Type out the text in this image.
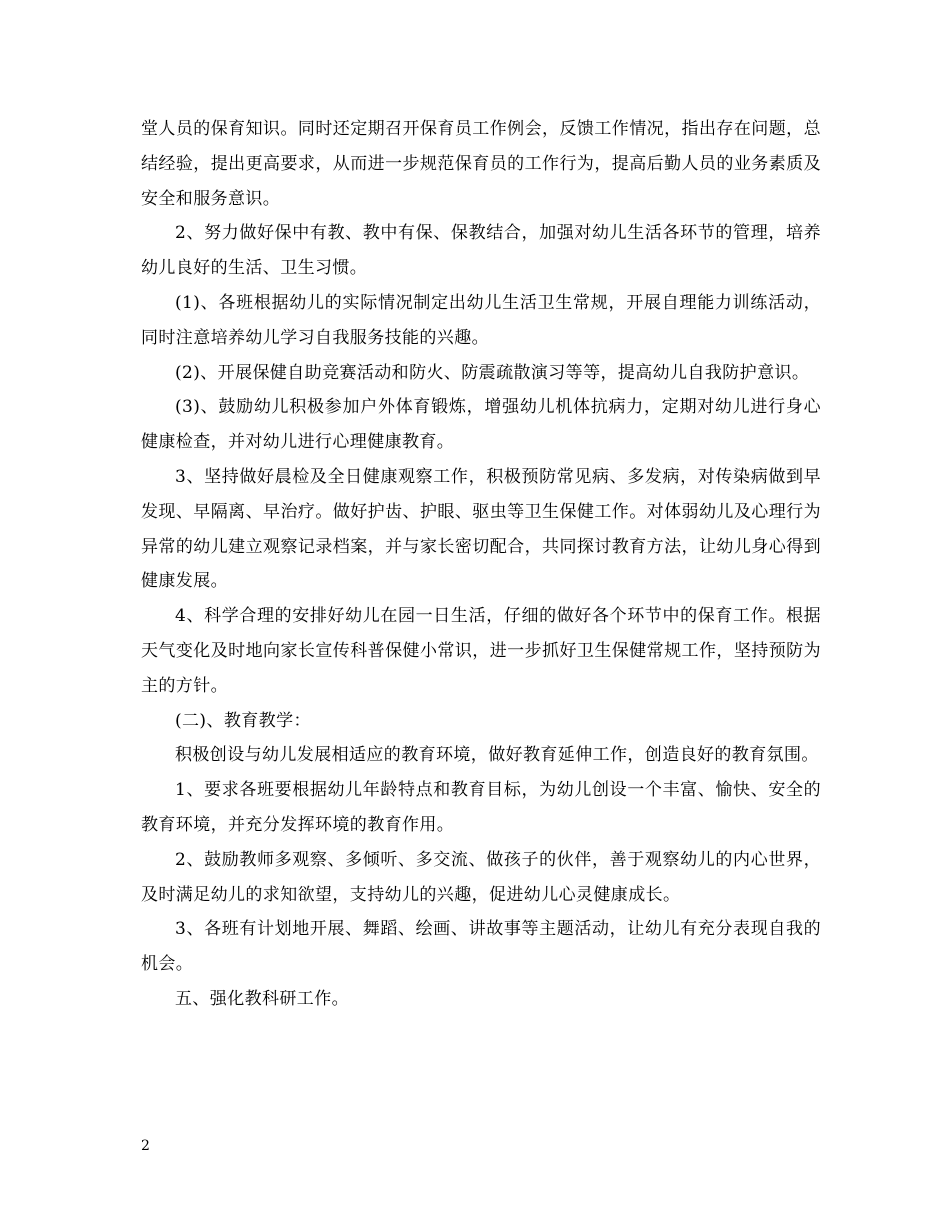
堂人员的保育知识。同时还定期召开保育员工作例会，反馈工作情况，指出存在问题，总结经验，提出更高要求，从而进一步规范保育员的工作行为，提高后勤人员的业务素质及安全和服务意识。

2、努力做好保中有教、教中有保、保教结合，加强对幼儿生活各环节的管理，培养幼儿良好的生活、卫生习惯。

(1)、各班根据幼儿的实际情况制定出幼儿生活卫生常规，开展自理能力训练活动，同时注意培养幼儿学习自我服务技能的兴趣。

(2)、开展保健自助竞赛活动和防火、防震疏散演习等等，提高幼儿自我防护意识。

(3)、鼓励幼儿积极参加户外体育锻炼，增强幼儿机体抗病力，定期对幼儿进行身心健康检查，并对幼儿进行心理健康教育。

3、坚持做好晨检及全日健康观察工作，积极预防常见病、多发病，对传染病做到早发现、早隔离、早治疗。做好护齿、护眼、驱虫等卫生保健工作。对体弱幼儿及心理行为异常的幼儿建立观察记录档案，并与家长密切配合，共同探讨教育方法，让幼儿身心得到健康发展。

4、科学合理的安排好幼儿在园一日生活，仔细的做好各个环节中的保育工作。根据天气变化及时地向家长宣传科普保健小常识，进一步抓好卫生保健常规工作，坚持预防为主的方针。

(二)、教育教学：

积极创设与幼儿发展相适应的教育环境，做好教育延伸工作，创造良好的教育氛围。

1、要求各班要根据幼儿年龄特点和教育目标，为幼儿创设一个丰富、愉快、安全的教育环境，并充分发挥环境的教育作用。

2、鼓励教师多观察、多倾听、多交流、做孩子的伙伴，善于观察幼儿的内心世界，及时满足幼儿的求知欲望，支持幼儿的兴趣，促进幼儿心灵健康成长。

3、各班有计划地开展、舞蹈、绘画、讲故事等主题活动，让幼儿有充分表现自我的机会。

五、强化教科研工作。

2
